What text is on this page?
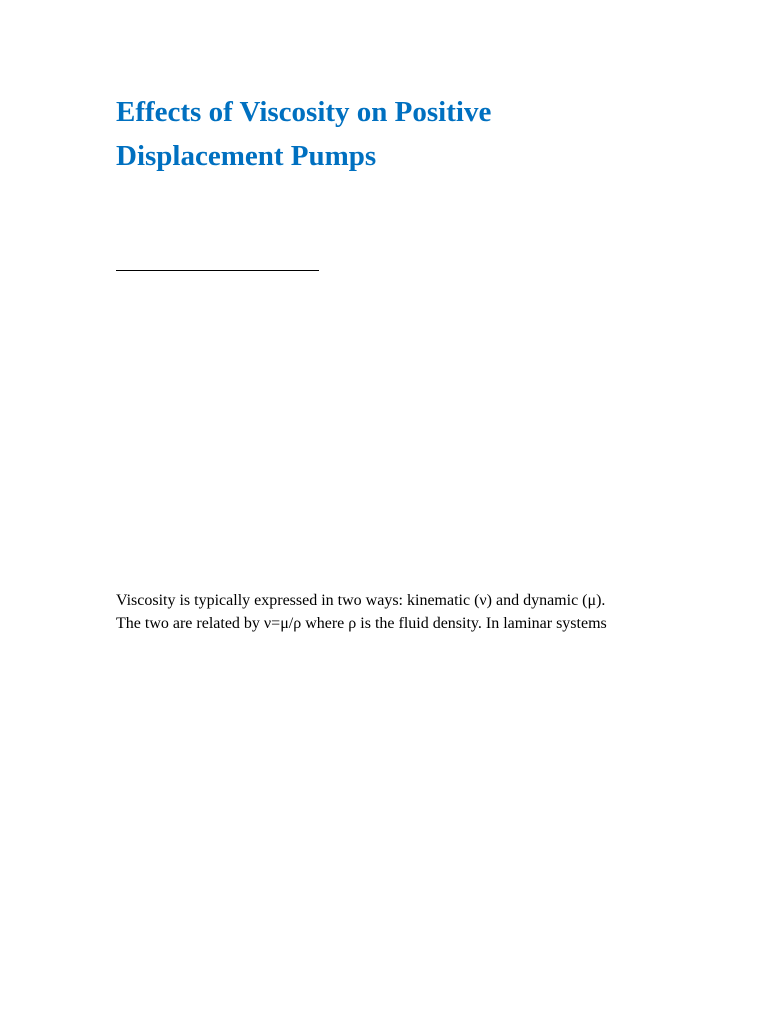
Effects of Viscosity on Positive
Displacement Pumps

Viscosity is typically expressed in two ways: kinematic (ν) and dynamic (μ).
The two are related by ν=μ/ρ where ρ is the fluid density. In laminar systems
